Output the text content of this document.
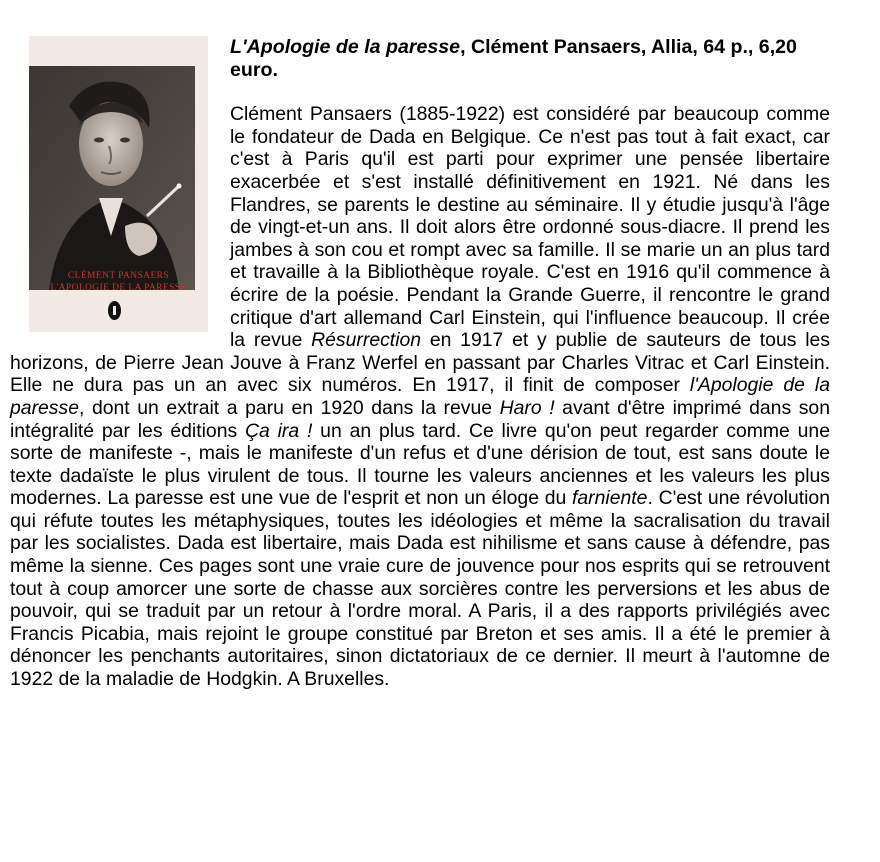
CLÉMENT PANSAERS
L'APOLOGIE DE LA PARESSE

L'Apologie de la paresse, Clément Pansaers, Allia, 64 p., 6,20 euro.

Clément Pansaers (1885-1922) est considéré par beaucoup comme le fondateur de Dada en Belgique. Ce n'est pas tout à fait exact, car c'est à Paris qu'il est parti pour exprimer une pensée libertaire exacerbée et s'est installé définitivement en 1921. Né dans les Flandres, se parents le destine au séminaire. Il y étudie jusqu'à l'âge de vingt-et-un ans. Il doit alors être ordonné sous-diacre. Il prend les jambes à son cou et rompt avec sa famille. Il se marie un an plus tard et travaille à la Bibliothèque royale. C'est en 1916 qu'il commence à écrire de la poésie. Pendant la Grande Guerre, il rencontre le grand critique d'art allemand Carl Einstein, qui l'influence beaucoup. Il crée la revue Résurrection en 1917 et y publie de sauteurs de tous les horizons, de Pierre Jean Jouve à Franz Werfel en passant par Charles Vitrac et Carl Einstein. Elle ne dura pas un an avec six numéros. En 1917, il finit de composer l'Apologie de la paresse, dont un extrait a paru en 1920 dans la revue Haro ! avant d'être imprimé dans son intégralité par les éditions Ça ira ! un an plus tard. Ce livre qu'on peut regarder comme une sorte de manifeste -, mais le manifeste d'un refus et d'une dérision de tout, est sans doute le texte dadaïste le plus virulent de tous. Il tourne les valeurs anciennes et les valeurs les plus modernes. La paresse est une vue de l'esprit et non un éloge du farniente. C'est une révolution qui réfute toutes les métaphysiques, toutes les idéologies et même la sacralisation du travail par les socialistes. Dada est libertaire, mais Dada est nihilisme et sans cause à défendre, pas même la sienne. Ces pages sont une vraie cure de jouvence pour nos esprits qui se retrouvent tout à coup amorcer une sorte de chasse aux sorcières contre les perversions et les abus de pouvoir, qui se traduit par un retour à l'ordre moral. A Paris, il a des rapports privilégiés avec Francis Picabia, mais rejoint le groupe constitué par Breton et ses amis. Il a été le premier à dénoncer les penchants autoritaires, sinon dictatoriaux de ce dernier. Il meurt à l'automne de 1922 de la maladie de Hodgkin. A Bruxelles.
